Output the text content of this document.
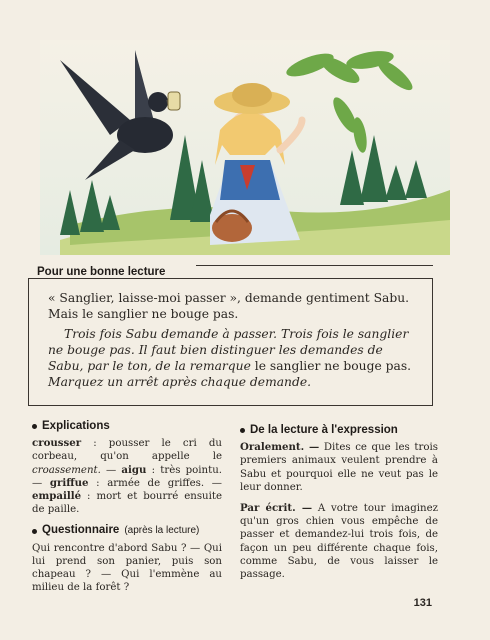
Pour une bonne lecture

« Sanglier, laisse-moi passer », demande gentiment Sabu. Mais le sanglier ne bouge pas.

Trois fois Sabu demande à passer. Trois fois le sanglier ne bouge pas. Il faut bien distinguer les demandes de Sabu, par le ton, de la remarque le sanglier ne bouge pas. Marquez un arrêt après chaque demande.

Explications

crousser : pousser le cri du corbeau, qu'on appelle le croassement. — aigu : très pointu. — griffue : armée de griffes. — empaillé : mort et bourré ensuite de paille.

Questionnaire (après la lecture)

Qui rencontre d'abord Sabu ? — Qui lui prend son panier, puis son chapeau ? — Qui l'emmène au milieu de la forêt ?

De la lecture à l'expression

Oralement. — Dites ce que les trois premiers animaux veulent prendre à Sabu et pourquoi elle ne veut pas le leur donner.

Par écrit. — A votre tour imaginez qu'un gros chien vous empêche de passer et demandez-lui trois fois, de façon un peu différente chaque fois, comme Sabu, de vous laisser le passage.

131
